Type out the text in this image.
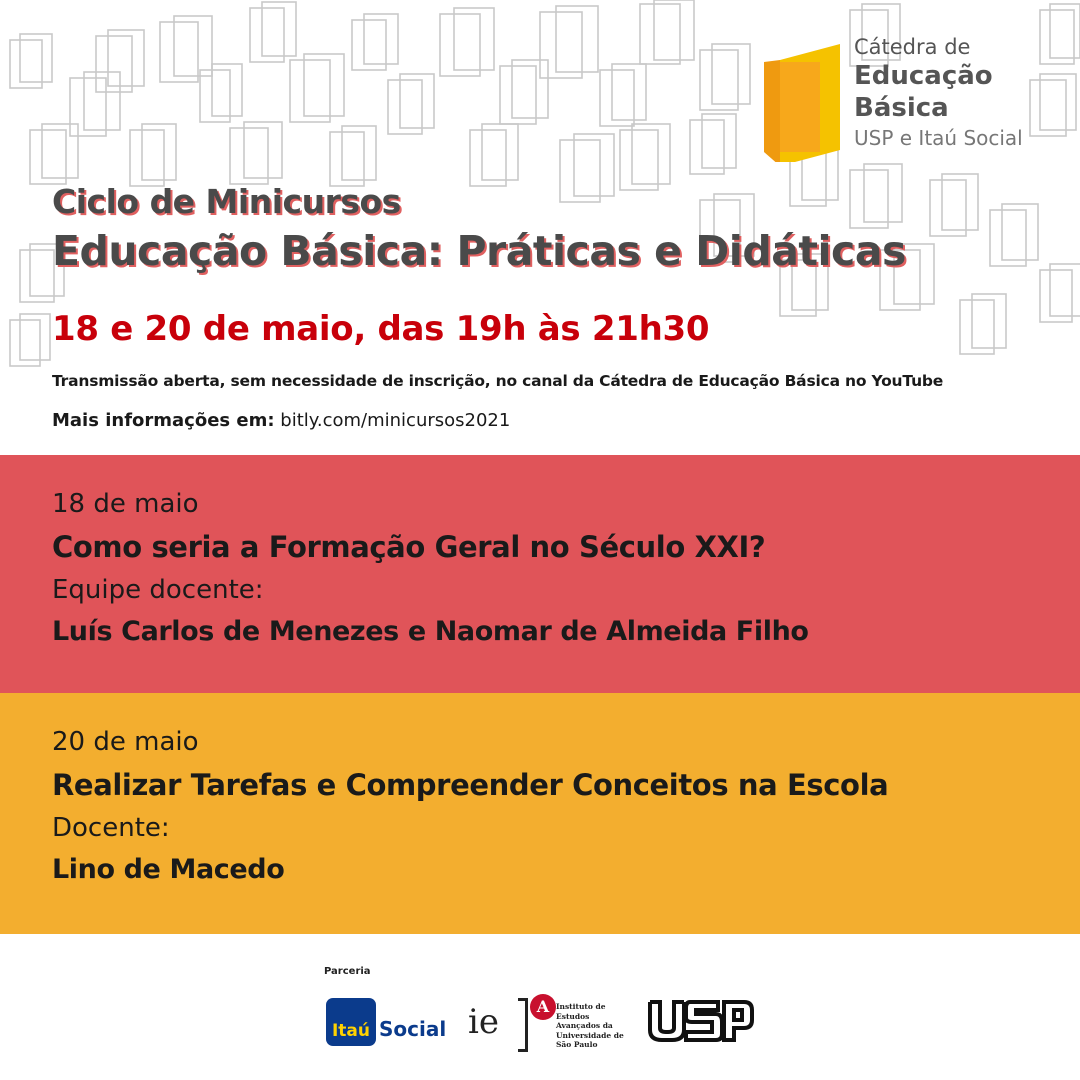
Cátedra de
Educação
Básica
USP e Itaú Social
Ciclo de Minicursos
Educação Básica: Práticas e Didáticas
18 e 20 de maio, das 19h às 21h30
Transmissão aberta, sem necessidade de inscrição, no canal da Cátedra de Educação Básica no YouTube
Mais informações em: bitly.com/minicursos2021
18 de maio
Como seria a Formação Geral no Século XXI?
Equipe docente:
Luís Carlos de Menezes e Naomar de Almeida Filho
20 de maio
Realizar Tarefas e Compreender Conceitos na Escola
Docente:
Lino de Macedo
Parceria
Itaú Social ie	A Instituto de Estudos Avançados da Universidade de São Paulo
